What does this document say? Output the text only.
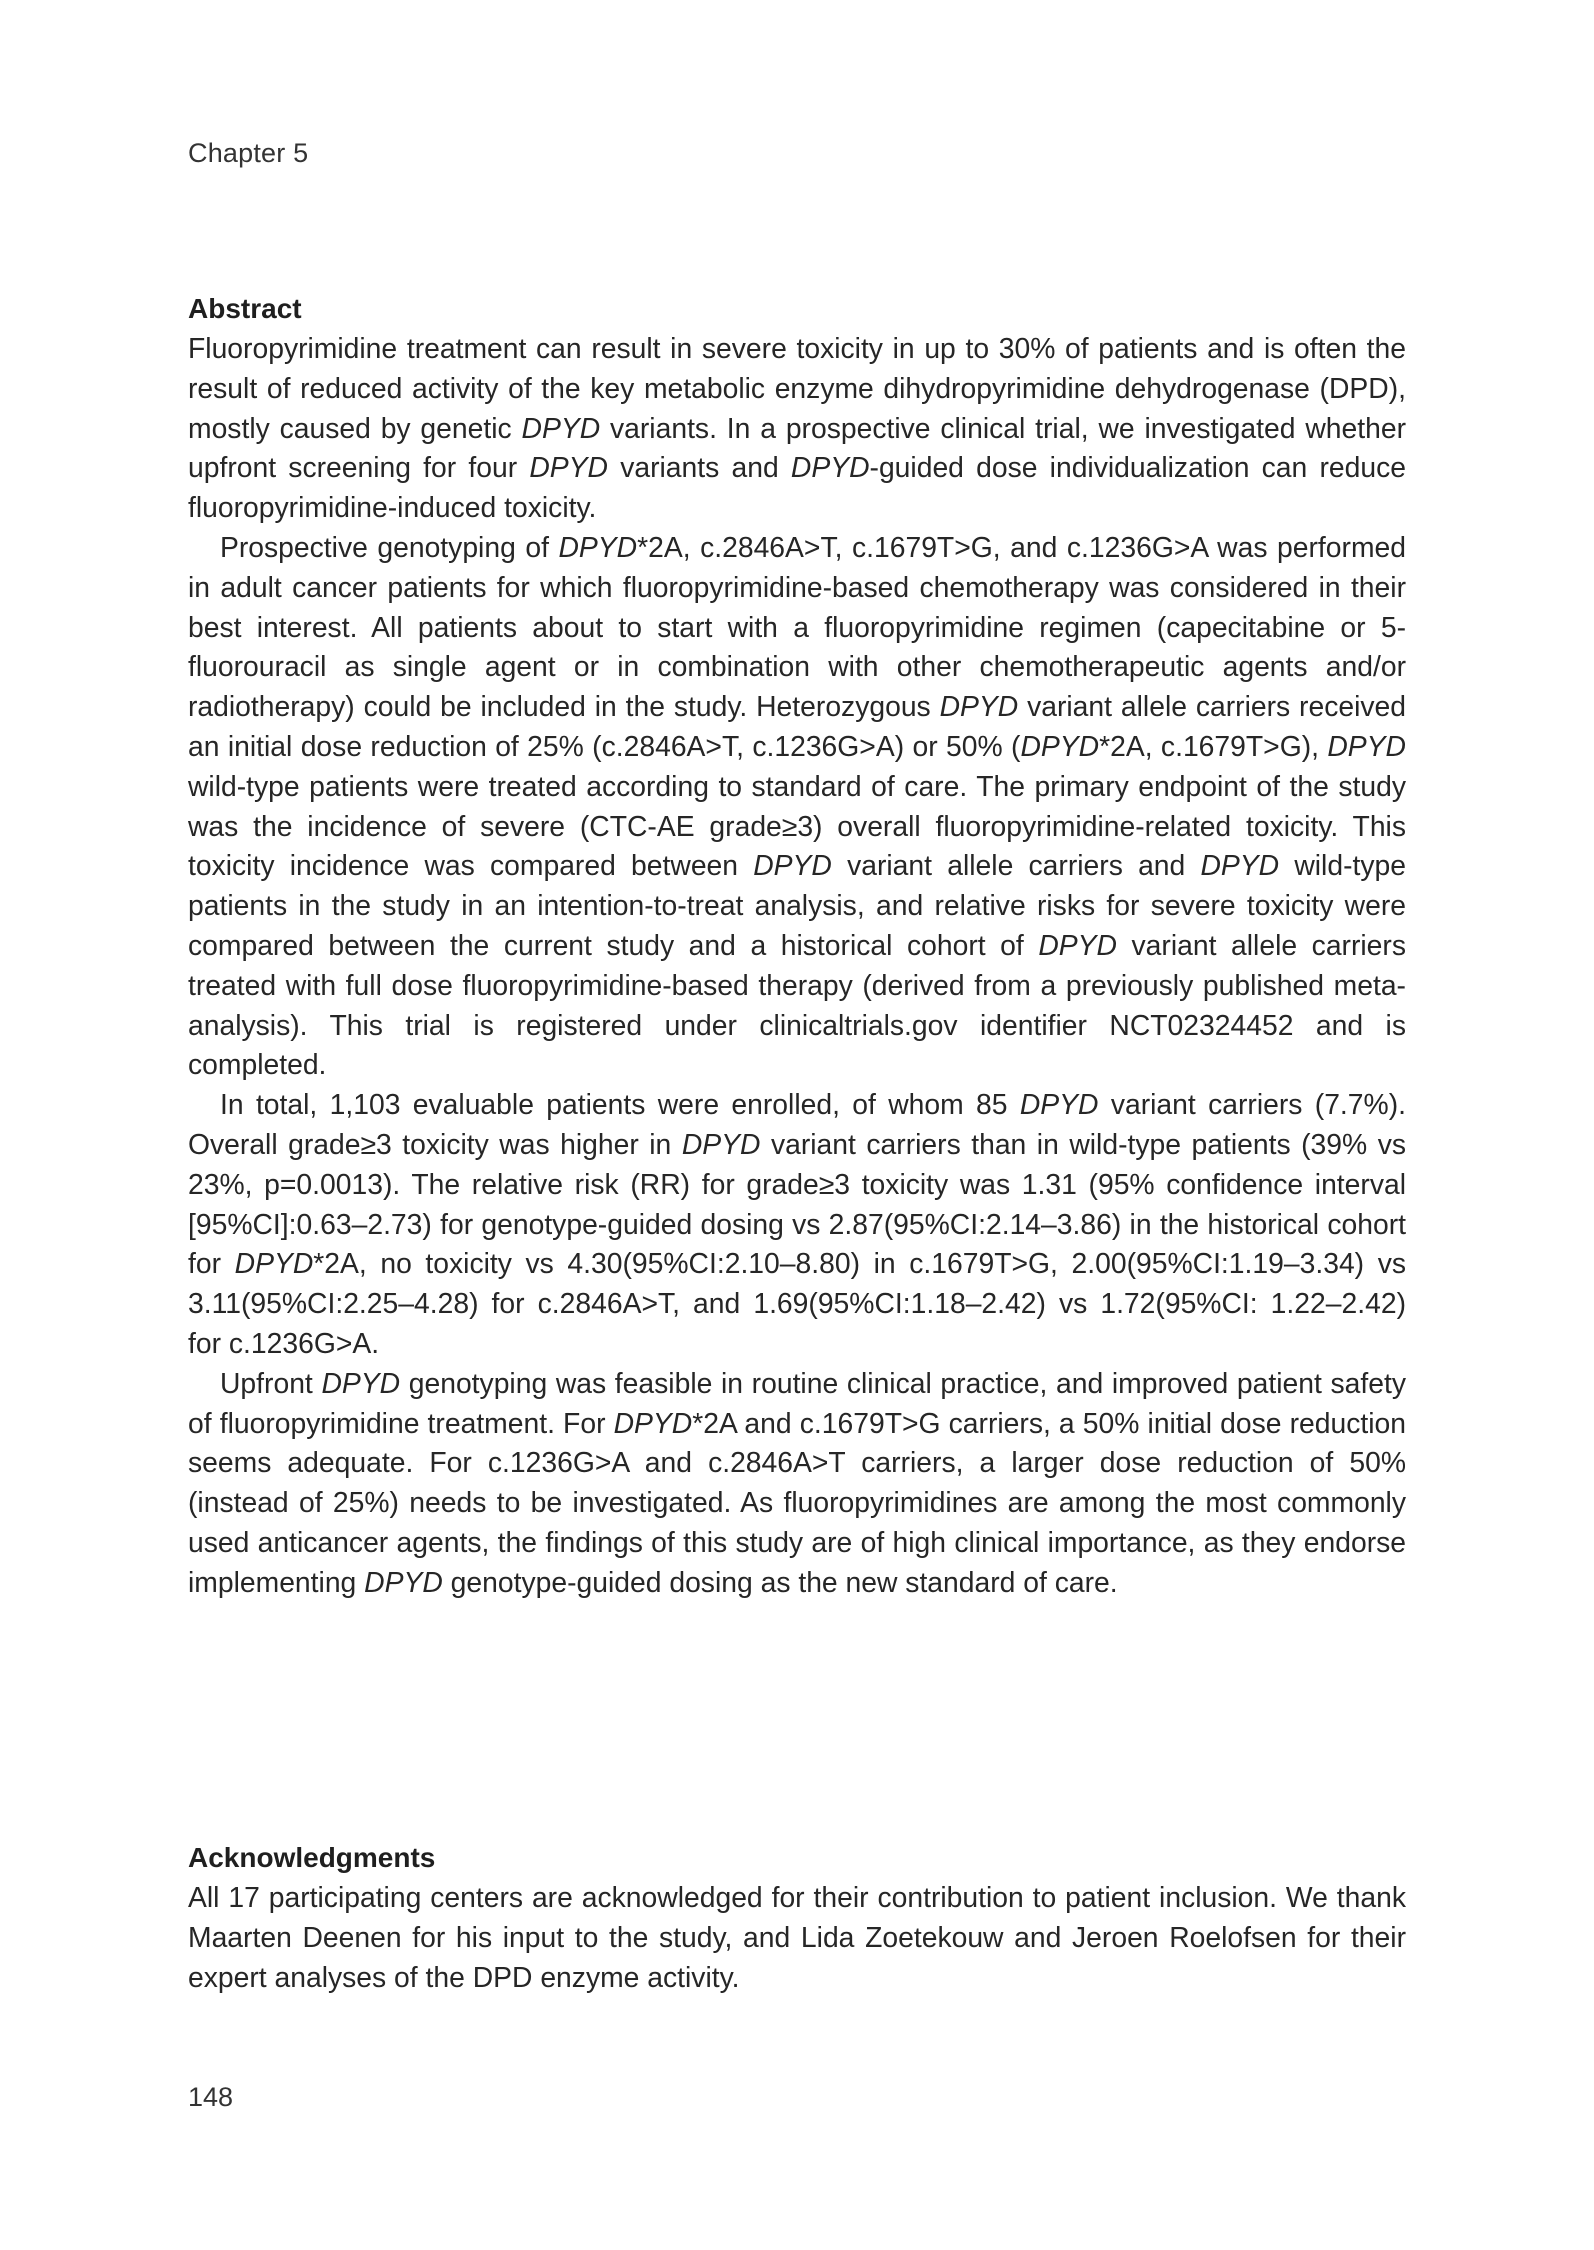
Chapter 5
Abstract

Fluoropyrimidine treatment can result in severe toxicity in up to 30% of patients and is often the result of reduced activity of the key metabolic enzyme dihydropyrimidine dehydrogenase (DPD), mostly caused by genetic DPYD variants. In a prospective clinical trial, we investigated whether upfront screening for four DPYD variants and DPYD-guided dose individualization can reduce fluoropyrimidine-induced toxicity.

Prospective genotyping of DPYD*2A, c.2846A>T, c.1679T>G, and c.1236G>A was performed in adult cancer patients for which fluoropyrimidine-based chemotherapy was considered in their best interest. All patients about to start with a fluoropyrimidine regimen (capecitabine or 5-fluorouracil as single agent or in combination with other chemotherapeutic agents and/or radiotherapy) could be included in the study. Heterozygous DPYD variant allele carriers received an initial dose reduction of 25% (c.2846A>T, c.1236G>A) or 50% (DPYD*2A, c.1679T>G), DPYD wild-type patients were treated according to standard of care. The primary endpoint of the study was the incidence of severe (CTC-AE grade≥3) overall fluoropyrimidine-related toxicity. This toxicity incidence was compared between DPYD variant allele carriers and DPYD wild-type patients in the study in an intention-to-treat analysis, and relative risks for severe toxicity were compared between the current study and a historical cohort of DPYD variant allele carriers treated with full dose fluoropyrimidine-based therapy (derived from a previously published meta-analysis). This trial is registered under clinicaltrials.gov identifier NCT02324452 and is completed.

In total, 1,103 evaluable patients were enrolled, of whom 85 DPYD variant carriers (7.7%). Overall grade≥3 toxicity was higher in DPYD variant carriers than in wild-type patients (39% vs 23%, p=0.0013). The relative risk (RR) for grade≥3 toxicity was 1.31 (95% confidence interval [95%CI]:0.63–2.73) for genotype-guided dosing vs 2.87(95%CI:2.14–3.86) in the historical cohort for DPYD*2A, no toxicity vs 4.30(95%CI:2.10–8.80) in c.1679T>G, 2.00(95%CI:1.19–3.34) vs 3.11(95%CI:2.25–4.28) for c.2846A>T, and 1.69(95%CI:1.18–2.42) vs 1.72(95%CI: 1.22–2.42) for c.1236G>A.

Upfront DPYD genotyping was feasible in routine clinical practice, and improved patient safety of fluoropyrimidine treatment. For DPYD*2A and c.1679T>G carriers, a 50% initial dose reduction seems adequate. For c.1236G>A and c.2846A>T carriers, a larger dose reduction of 50% (instead of 25%) needs to be investigated. As fluoropyrimidines are among the most commonly used anticancer agents, the findings of this study are of high clinical importance, as they endorse implementing DPYD genotype-guided dosing as the new standard of care.

Acknowledgments

All 17 participating centers are acknowledged for their contribution to patient inclusion. We thank Maarten Deenen for his input to the study, and Lida Zoetekouw and Jeroen Roelofsen for their expert analyses of the DPD enzyme activity.

148
